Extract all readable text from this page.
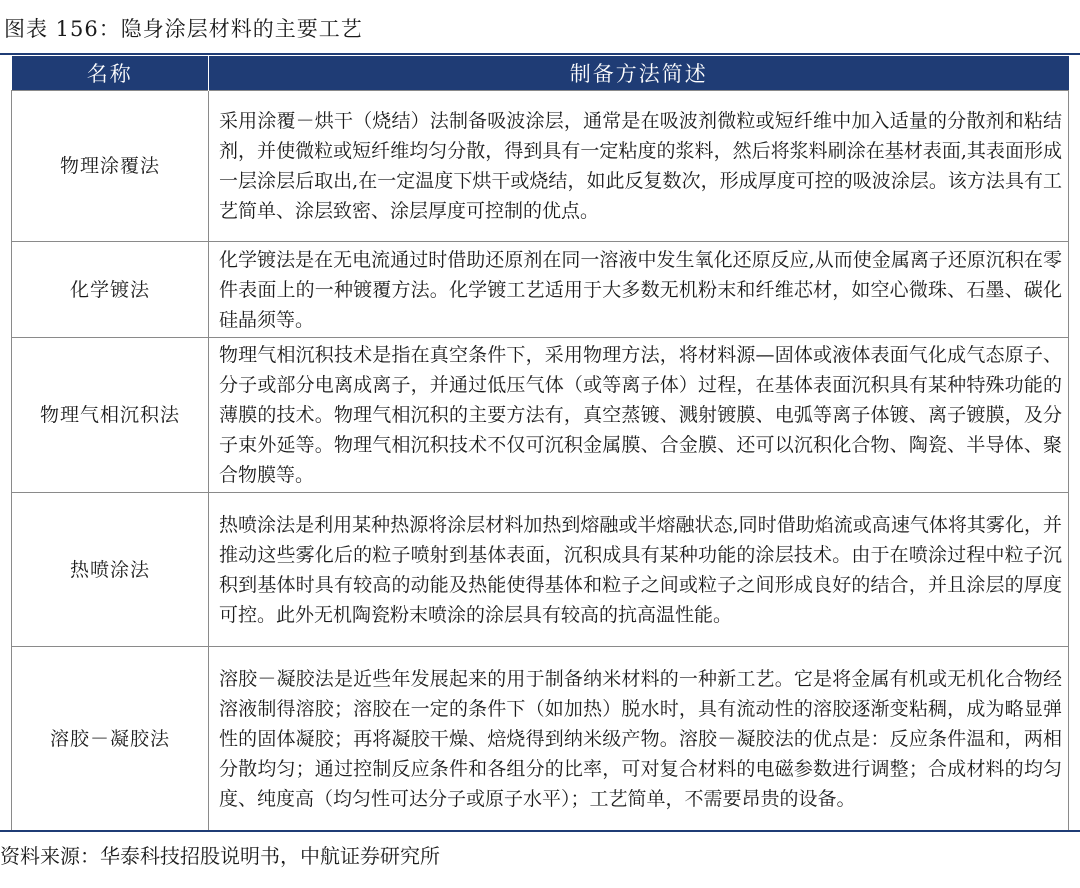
图表 156：隐身涂层材料的主要工艺
名称	制备方法简述
物理涂覆法	采用涂覆－烘干（烧结）法制备吸波涂层，通常是在吸波剂微粒或短纤维中加入适量的分散剂和粘结剂，并使微粒或短纤维均匀分散，得到具有一定粘度的浆料，然后将浆料刷涂在基材表面,其表面形成一层涂层后取出,在一定温度下烘干或烧结，如此反复数次，形成厚度可控的吸波涂层。该方法具有工艺简单、涂层致密、涂层厚度可控制的优点。
化学镀法	化学镀法是在无电流通过时借助还原剂在同一溶液中发生氧化还原反应,从而使金属离子还原沉积在零件表面上的一种镀覆方法。化学镀工艺适用于大多数无机粉末和纤维芯材，如空心微珠、石墨、碳化硅晶须等。
物理气相沉积法	物理气相沉积技术是指在真空条件下，采用物理方法，将材料源—固体或液体表面气化成气态原子、分子或部分电离成离子，并通过低压气体（或等离子体）过程，在基体表面沉积具有某种特殊功能的薄膜的技术。物理气相沉积的主要方法有，真空蒸镀、溅射镀膜、电弧等离子体镀、离子镀膜，及分子束外延等。物理气相沉积技术不仅可沉积金属膜、合金膜、还可以沉积化合物、陶瓷、半导体、聚合物膜等。
热喷涂法	热喷涂法是利用某种热源将涂层材料加热到熔融或半熔融状态,同时借助焰流或高速气体将其雾化，并推动这些雾化后的粒子喷射到基体表面，沉积成具有某种功能的涂层技术。由于在喷涂过程中粒子沉积到基体时具有较高的动能及热能使得基体和粒子之间或粒子之间形成良好的结合，并且涂层的厚度可控。此外无机陶瓷粉末喷涂的涂层具有较高的抗高温性能。
溶胶－凝胶法	溶胶－凝胶法是近些年发展起来的用于制备纳米材料的一种新工艺。它是将金属有机或无机化合物经溶液制得溶胶；溶胶在一定的条件下（如加热）脱水时，具有流动性的溶胶逐渐变粘稠，成为略显弹性的固体凝胶；再将凝胶干燥、焙烧得到纳米级产物。溶胶－凝胶法的优点是：反应条件温和，两相分散均匀；通过控制反应条件和各组分的比率，可对复合材料的电磁参数进行调整；合成材料的均匀度、纯度高（均匀性可达分子或原子水平）；工艺简单，不需要昂贵的设备。
资料来源：华泰科技招股说明书，中航证券研究所
